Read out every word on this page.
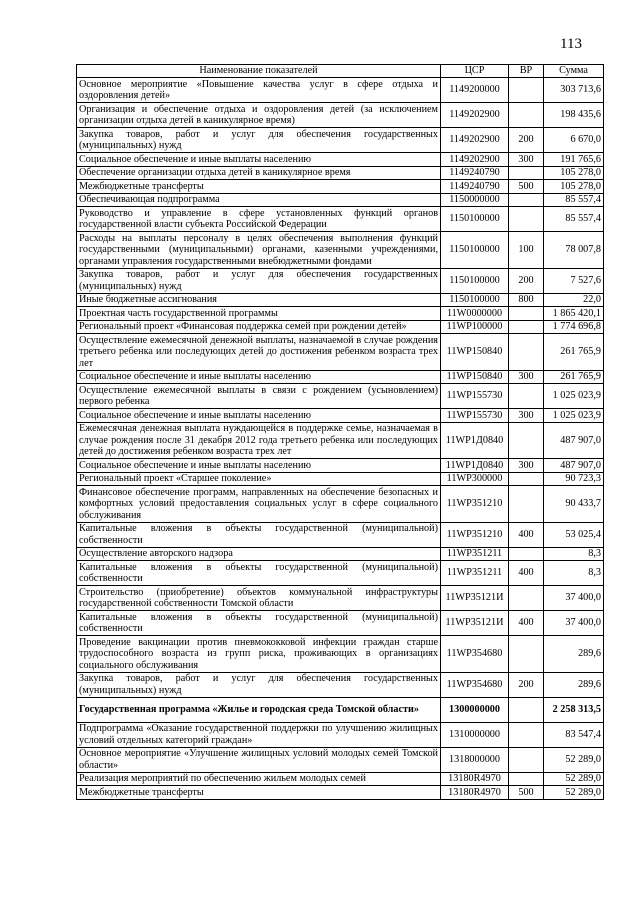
113
Наименование показателей	ЦСР	ВР	Сумма
Основное мероприятие «Повышение качества услуг в сфере отдыха и оздоровления детей»	1149200000		303 713,6
Организация и обеспечение отдыха и оздоровления детей (за исключением организации отдыха детей в каникулярное время)	1149202900		198 435,6
Закупка товаров, работ и услуг для обеспечения государственных (муниципальных) нужд	1149202900	200	6 670,0
Социальное обеспечение и иные выплаты населению	1149202900	300	191 765,6
Обеспечение организации отдыха детей в каникулярное время	1149240790		105 278,0
Межбюджетные трансферты	1149240790	500	105 278,0
Обеспечивающая подпрограмма	1150000000		85 557,4
Руководство и управление в сфере установленных функций органов государственной власти субъекта Российской Федерации	1150100000		85 557,4
Расходы на выплаты персоналу в целях обеспечения выполнения функций государственными (муниципальными) органами, казенными учреждениями, органами управления государственными внебюджетными фондами	1150100000	100	78 007,8
Закупка товаров, работ и услуг для обеспечения государственных (муниципальных) нужд	1150100000	200	7 527,6
Иные бюджетные ассигнования	1150100000	800	22,0
Проектная часть государственной программы	11W0000000		1 865 420,1
Региональный проект «Финансовая поддержка семей при рождении детей»	11WP100000		1 774 696,8
Осуществление ежемесячной денежной выплаты, назначаемой в случае рождения третьего ребенка или последующих детей до достижения ребенком возраста трех лет	11WP150840		261 765,9
Социальное обеспечение и иные выплаты населению	11WP150840	300	261 765,9
Осуществление ежемесячной выплаты в связи с рождением (усыновлением) первого ребенка	11WP155730		1 025 023,9
Социальное обеспечение и иные выплаты населению	11WP155730	300	1 025 023,9
Ежемесячная денежная выплата нуждающейся в поддержке семье, назначаемая в случае рождения после 31 декабря 2012 года третьего ребенка или последующих детей до достижения ребенком возраста трех лет	11WP1Д0840		487 907,0
Социальное обеспечение и иные выплаты населению	11WP1Д0840	300	487 907,0
Региональный проект «Старшее поколение»	11WP300000		90 723,3
Финансовое обеспечение программ, направленных на обеспечение безопасных и комфортных условий предоставления социальных услуг в сфере социального обслуживания	11WP351210		90 433,7
Капитальные вложения в объекты государственной (муниципальной) собственности	11WP351210	400	53 025,4
Осуществление авторского надзора	11WP351211		8,3
Капитальные вложения в объекты государственной (муниципальной) собственности	11WP351211	400	8,3
Строительство (приобретение) объектов коммунальной инфраструктуры государственной собственности Томской области	11WP35121И		37 400,0
Капитальные вложения в объекты государственной (муниципальной) собственности	11WP35121И	400	37 400,0
Проведение вакцинации против пневмококковой инфекции граждан старше трудоспособного возраста из групп риска, проживающих в организациях социального обслуживания	11WP354680		289,6
Закупка товаров, работ и услуг для обеспечения государственных (муниципальных) нужд	11WP354680	200	289,6
Государственная программа «Жилье и городская среда Томской области»	1300000000		2 258 313,5
Подпрограмма «Оказание государственной поддержки по улучшению жилищных условий отдельных категорий граждан»	1310000000		83 547,4
Основное мероприятие «Улучшение жилищных условий молодых семей Томской области»	1318000000		52 289,0
Реализация мероприятий по обеспечению жильем молодых семей	13180R4970		52 289,0
Межбюджетные трансферты	13180R4970	500	52 289,0
